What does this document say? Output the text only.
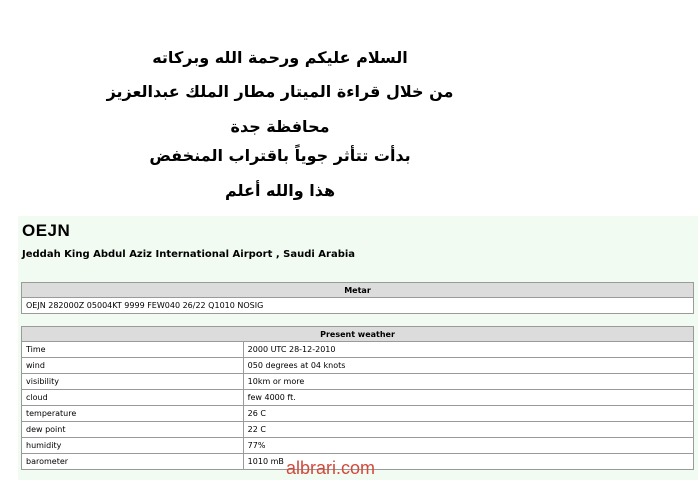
السلام عليكم ورحمة الله وبركاته

من خلال قراءة الميتار مطار الملك عبدالعزيز

محافظة جدة

بدأت تتأثر جوياً باقتراب المنخفض

هذا والله أعلم

OEJN
Jeddah King Abdul Aziz International Airport , Saudi Arabia
Metar
OEJN 282000Z 05004KT 9999 FEW040 26/22 Q1010 NOSIG
Present weather	
Time	2000 UTC 28-12-2010
wind	050 degrees at 04 knots
visibility	10km or more
cloud	few 4000 ft.
temperature	26 C
dew point	22 C
humidity	77%
barometer	1010 mB albrari.com
